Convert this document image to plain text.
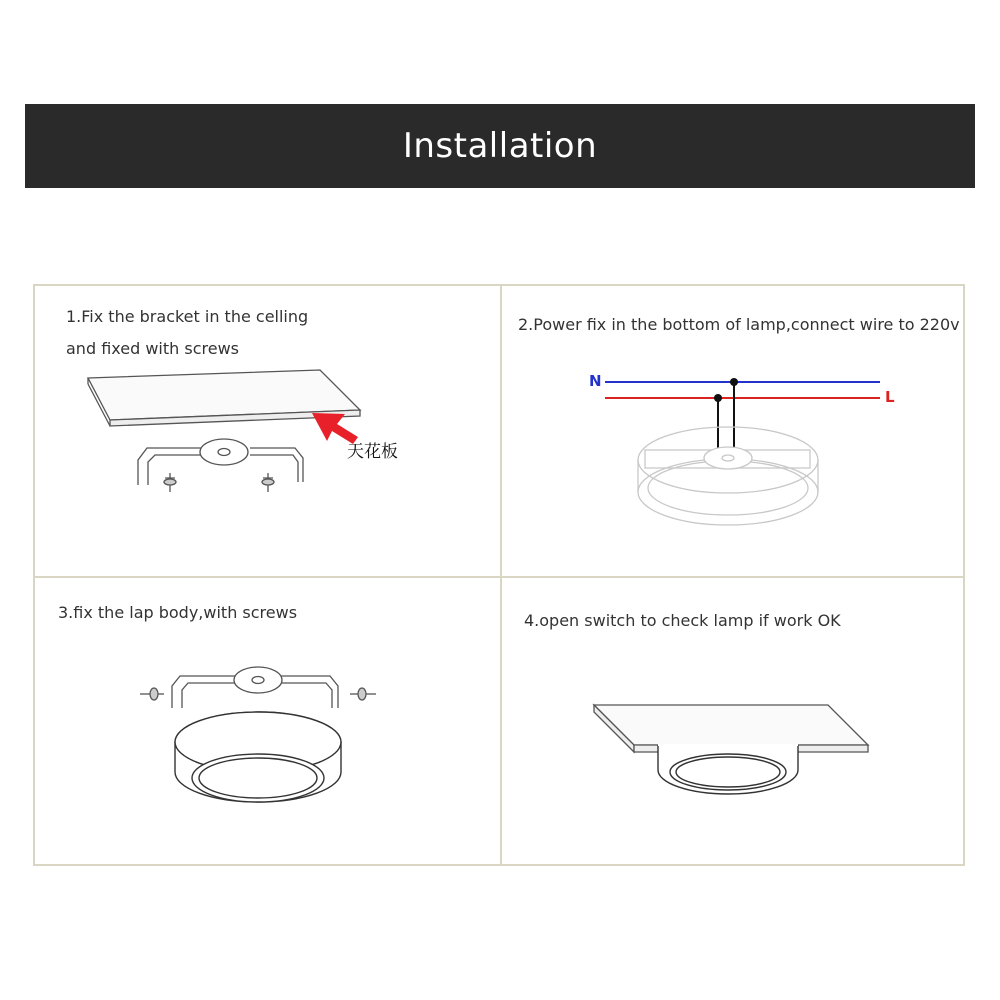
Installation
1.Fix the bracket in the celling
and fixed with screws
天花板
2.Power fix in the bottom of lamp,connect wire to 220v
N
L
3.fix the lap body,with screws	4.open switch to check lamp if work OK
